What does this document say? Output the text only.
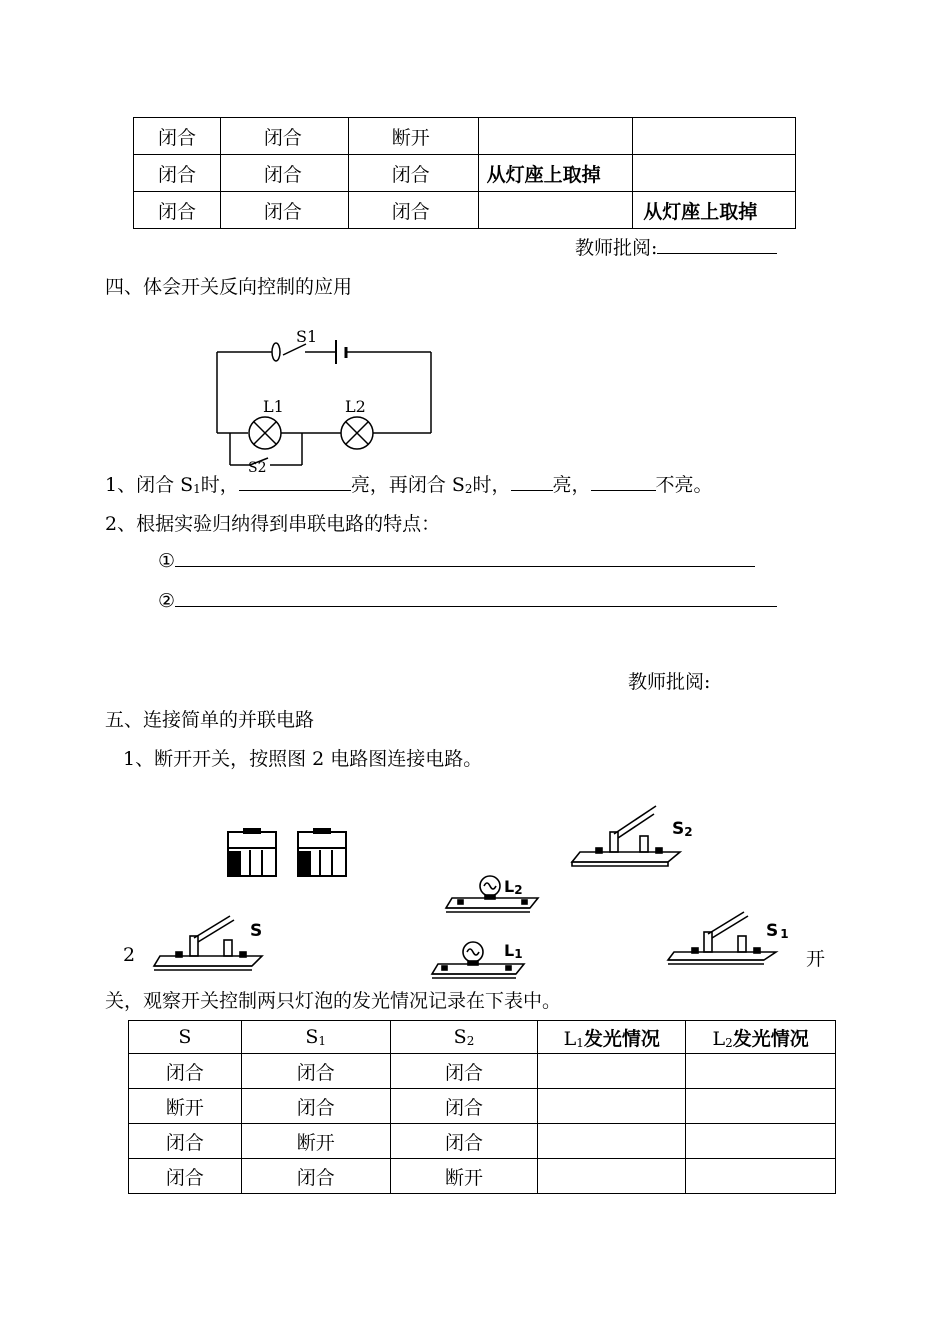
闭合	闭合	断开		
闭合	闭合	闭合	从灯座上取掉	
闭合	闭合	闭合		从灯座上取掉
教师批阅:
四、体会开关反向控制的应用
S1
L1	L2
S2
1、闭合 $S_1$时，	亮，再闭合 $S_2$时， 亮，	不亮。
2、根据实验归纳得到串联电路的特点：
①
②
教师批阅:
五、连接简单的并联电路
1、断开开关，按照图 2 电路图连接电路。
S2
L2
S
L1
S 1
2	开
关，观察开关控制两只灯泡的发光情况记录在下表中。
S	$S_1$	$S_2$	$L_1$发光情况	$L_2$发光情况
闭合	闭合	闭合		
断开	闭合	闭合		
闭合	断开	闭合		
闭合	闭合	断开		
